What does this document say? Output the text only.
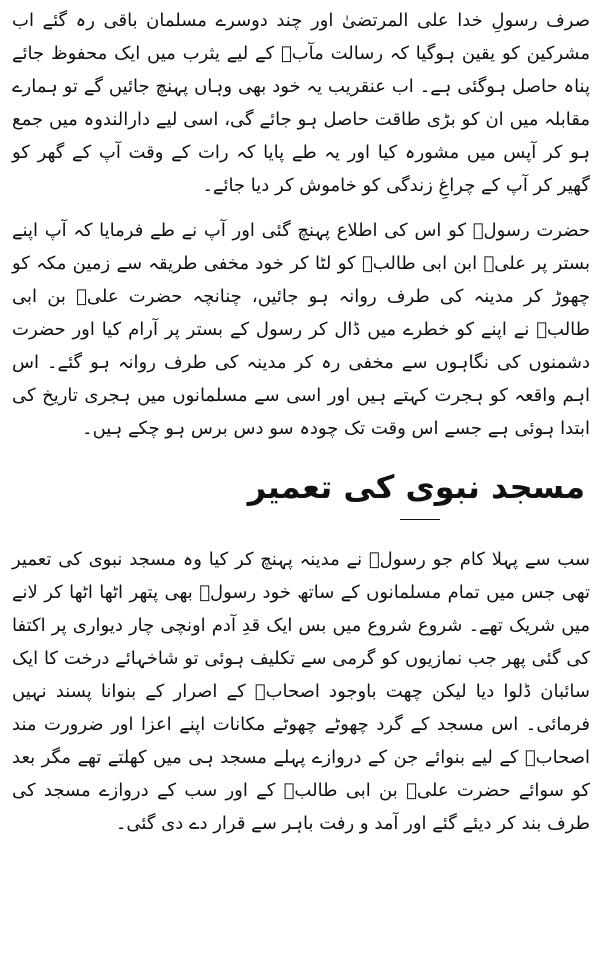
صرف رسولِ خدا علی المرتضیٰ اور چند دوسرے مسلمان باقی رہ گئے اب مشرکین کو یقین ہوگیا کہ رسالت مآبؐ کے لیے یثرب میں ایک محفوظ جائے پناہ حاصل ہوگئی ہے۔ اب عنقریب یہ خود بھی وہاں پہنچ جائیں گے تو ہمارے مقابلہ میں ان کو بڑی طاقت حاصل ہو جائے گی، اسی لیے دارالندوہ میں جمع ہو کر آپس میں مشورہ کیا اور یہ طے پایا کہ رات کے وقت آپ کے گھر کو گھیر کر آپ کے چراغِ زندگی کو خاموش کر دیا جائے۔

حضرت رسولؐ کو اس کی اطلاع پہنچ گئی اور آپ نے طے فرمایا کہ آپ اپنے بستر پر علیؑ ابن ابی طالبؑ کو لٹا کر خود مخفی طریقہ سے زمین مکہ کو چھوڑ کر مدینہ کی طرف روانہ ہو جائیں، چنانچہ حضرت علیؑ بن ابی طالبؑ نے اپنے کو خطرے میں ڈال کر رسول کے بستر پر آرام کیا اور حضرت دشمنوں کی نگاہوں سے مخفی رہ کر مدینہ کی طرف روانہ ہو گئے۔ اس اہم واقعہ کو ہجرت کہتے ہیں اور اسی سے مسلمانوں میں ہجری تاریخ کی ابتدا ہوئی ہے جسے اس وقت تک چودہ سو دس برس ہو چکے ہیں۔

مسجد نبوی کی تعمیر

سب سے پہلا کام جو رسولؐ نے مدینہ پہنچ کر کیا وہ مسجد نبوی کی تعمیر تھی جس میں تمام مسلمانوں کے ساتھ خود رسولؐ بھی پتھر اٹھا اٹھا کر لانے میں شریک تھے۔ شروع شروع میں بس ایک قدِ آدم اونچی چار دیواری پر اکتفا کی گئی پھر جب نمازیوں کو گرمی سے تکلیف ہوئی تو شاخہائے درخت کا ایک سائبان ڈلوا دیا لیکن چھت باوجود اصحابؓ کے اصرار کے بنوانا پسند نہیں فرمائی۔ اس مسجد کے گرد چھوٹے چھوٹے مکانات اپنے اعزا اور ضرورت مند اصحابؓ کے لیے بنوائے جن کے دروازے پہلے مسجد ہی میں کھلتے تھے مگر بعد کو سوائے حضرت علیؑ بن ابی طالبؑ کے اور سب کے دروازے مسجد کی طرف بند کر دیئے گئے اور آمد و رفت باہر سے قرار دے دی گئی۔
